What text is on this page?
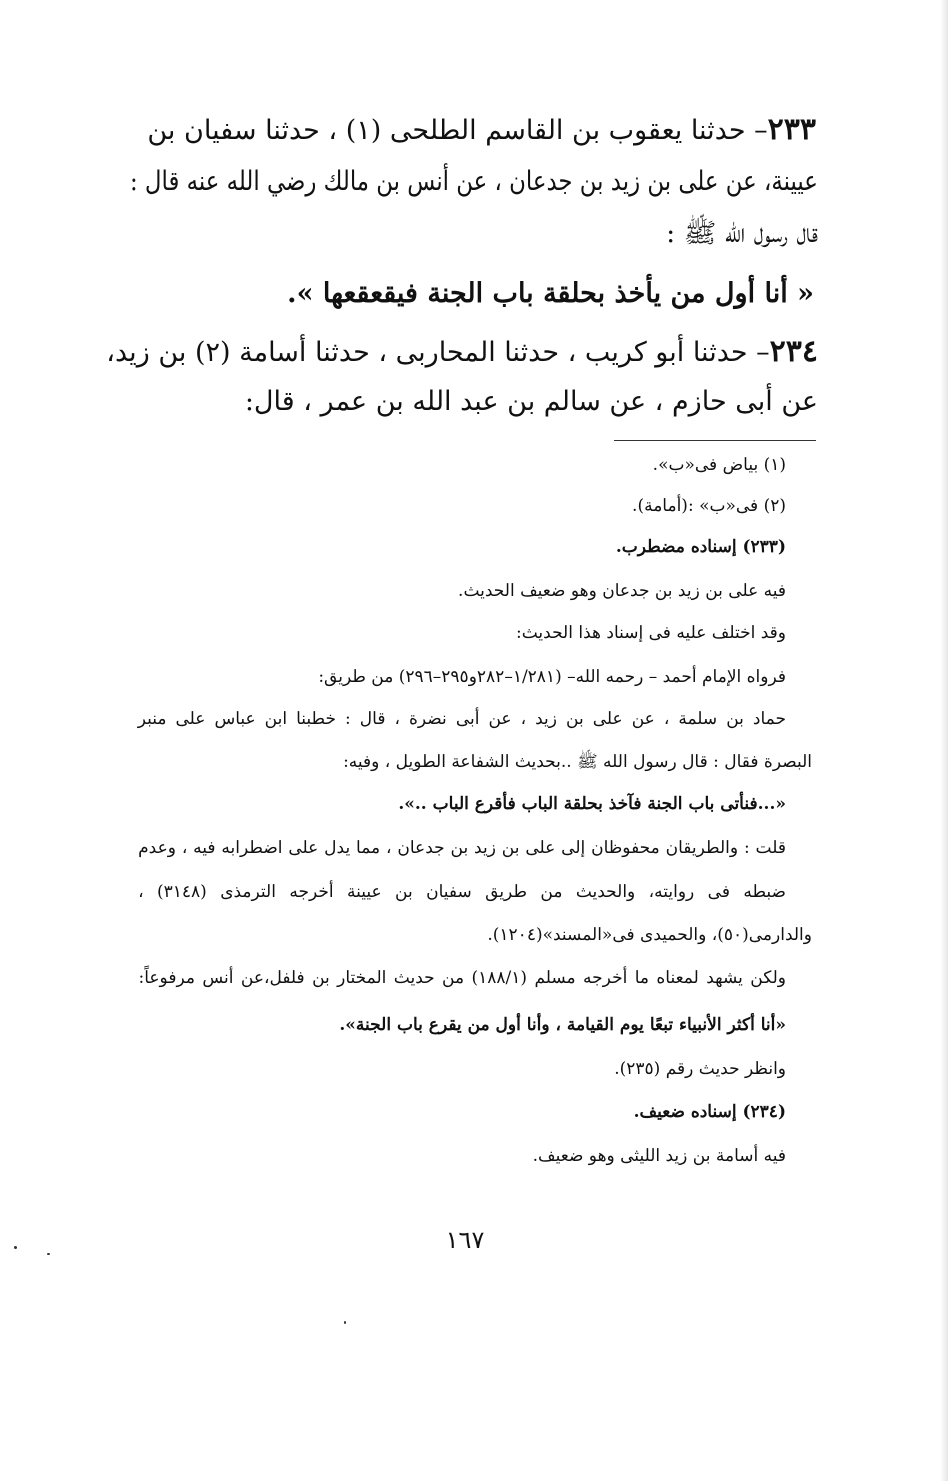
٢٣٣– حدثنا يعقوب بن القاسم الطلحى (١) ، حدثنا سفيان بن
عيينة، عن على بن زيد بن جدعان ، عن أنس بن مالك رضي الله عنه قال :
قال رسول الله ﷺ :
« أنا أول من يأخذ بحلقة باب الجنة فيقعقعها ».
٢٣٤– حدثنا أبو كريب ، حدثنا المحاربى ، حدثنا أسامة (٢) بن زيد،
عن أبى حازم ، عن سالم بن عبد الله بن عمر ، قال:
(١) بياض فى«ب».
(٢) فى«ب» :(أمامة).
(٢٣٣) إسناده مضطرب.
فيه على بن زيد بن جدعان وهو ضعيف الحديث.
وقد اختلف عليه فى إسناد هذا الحديث:
فرواه الإمام أحمد – رحمه الله– (١/٢٨١–٢٨٢و٢٩٥–٢٩٦) من طريق:
حماد بن سلمة ، عن على بن زيد ، عن أبى نضرة ، قال : خطبنا ابن عباس على منبر
البصرة فقال : قال رسول الله ﷺ ..بحديث الشفاعة الطويل ، وفيه:
«...فنأتى باب الجنة فآخذ بحلقة الباب فأقرع الباب ..».
قلت : والطريقان محفوظان إلى على بن زيد بن جدعان ، مما يدل على اضطرابه فيه ، وعدم
ضبطه فى روايته، والحديث من طريق سفيان بن عيينة أخرجه الترمذى (٣١٤٨) ،
والدارمى(٥٠)، والحميدى فى«المسند»(١٢٠٤).
ولكن يشهد لمعناه ما أخرجه مسلم (١٨٨/١) من حديث المختار بن فلفل،عن أنس مرفوعاً:
«أنا أكثر الأنبياء تبعًا يوم القيامة ، وأنا أول من يقرع باب الجنة».
وانظر حديث رقم (٢٣٥).
(٢٣٤) إسناده ضعيف.
فيه أسامة بن زيد الليثى وهو ضعيف.
١٦٧
